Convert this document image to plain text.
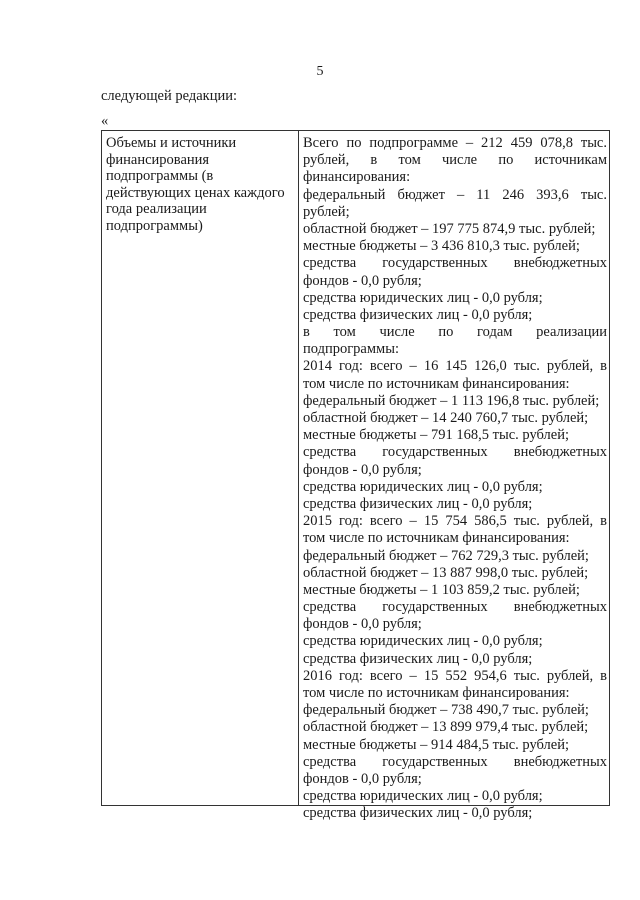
5
следующей редакции:
«
Объемы и источники
финансирования
подпрограммы (в
действующих ценах каждого
года реализации
подпрограммы)
Всего по подпрограмме – 212 459 078,8 тыс.
рублей, в том числе по источникам
финансирования:
федеральный бюджет – 11 246 393,6 тыс.
рублей;
областной бюджет – 197 775 874,9 тыс. рублей;
местные бюджеты – 3 436 810,3 тыс. рублей;
средства государственных внебюджетных
фондов - 0,0 рубля;
средства юридических лиц - 0,0 рубля;
средства физических лиц - 0,0 рубля;
в том числе по годам реализации
подпрограммы:
2014 год: всего – 16 145 126,0 тыс. рублей, в
том числе по источникам финансирования:
федеральный бюджет – 1 113 196,8 тыс. рублей;
областной бюджет – 14 240 760,7 тыс. рублей;
местные бюджеты – 791 168,5 тыс. рублей;
средства государственных внебюджетных
фондов - 0,0 рубля;
средства юридических лиц - 0,0 рубля;
средства физических лиц - 0,0 рубля;
2015 год: всего – 15 754 586,5 тыс. рублей, в
том числе по источникам финансирования:
федеральный бюджет – 762 729,3 тыс. рублей;
областной бюджет – 13 887 998,0 тыс. рублей;
местные бюджеты – 1 103 859,2 тыс. рублей;
средства государственных внебюджетных
фондов - 0,0 рубля;
средства юридических лиц - 0,0 рубля;
средства физических лиц - 0,0 рубля;
2016 год: всего – 15 552 954,6 тыс. рублей, в
том числе по источникам финансирования:
федеральный бюджет – 738 490,7 тыс. рублей;
областной бюджет – 13 899 979,4 тыс. рублей;
местные бюджеты – 914 484,5 тыс. рублей;
средства государственных внебюджетных
фондов - 0,0 рубля;
средства юридических лиц - 0,0 рубля;
средства физических лиц - 0,0 рубля;
